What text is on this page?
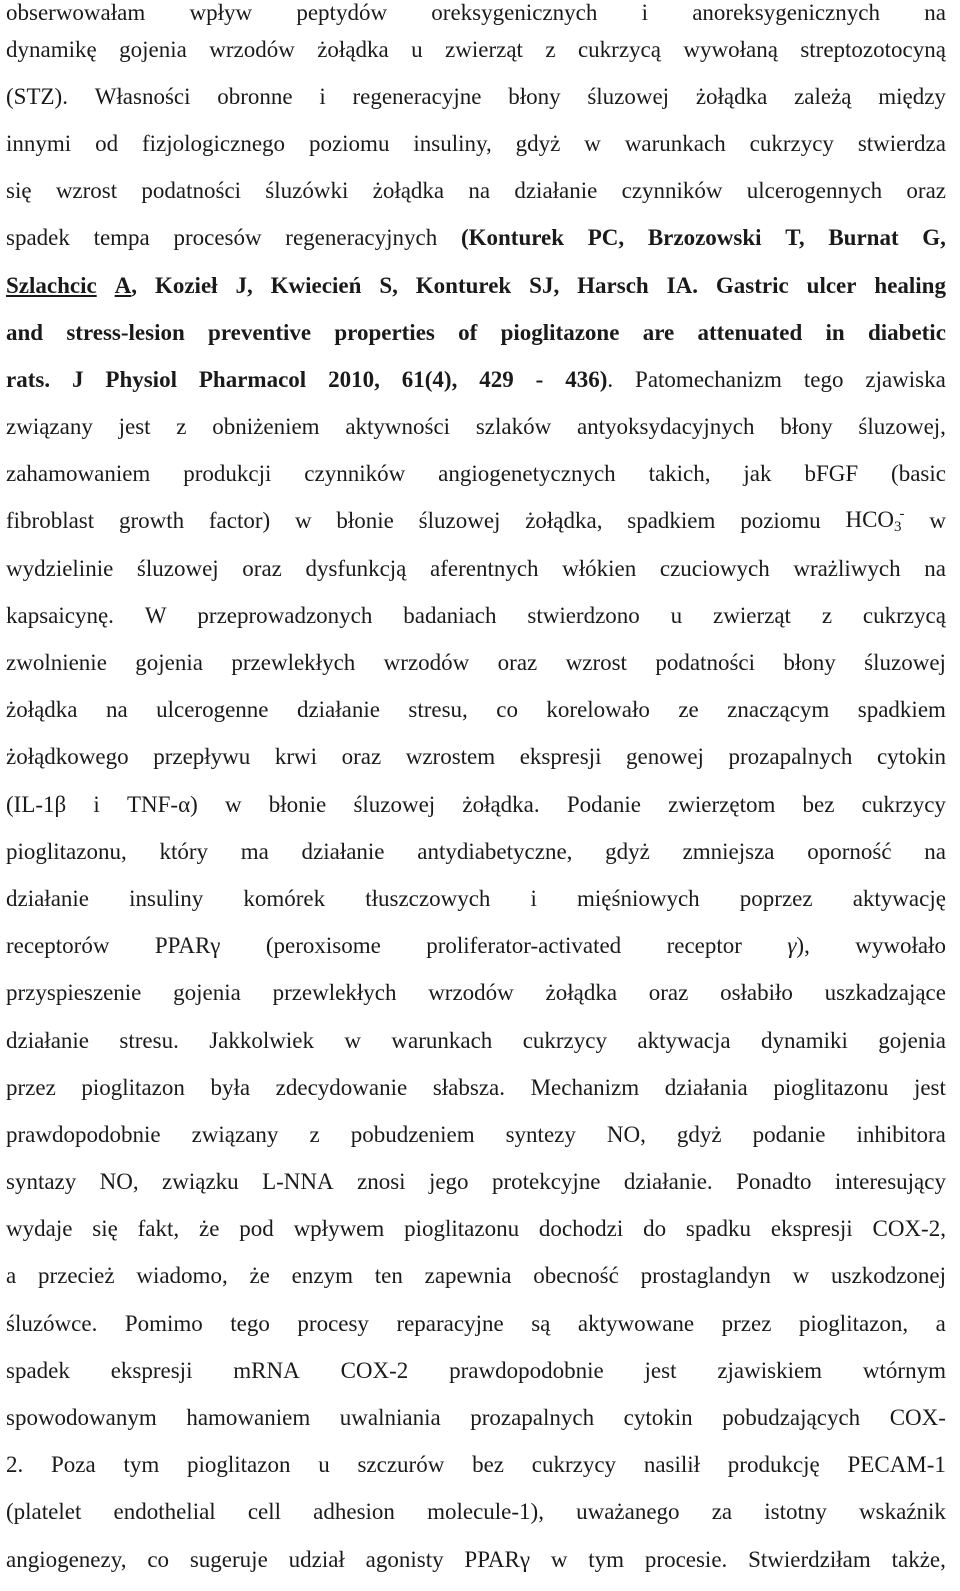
obserwowałam wpływ peptydów oreksygenicznych i anoreksygenicznych na
dynamikę gojenia wrzodów żołądka u zwierząt z cukrzycą wywołaną streptozotocyną
(STZ). Własności obronne i regeneracyjne błony śluzowej żołądka zależą między
innymi od fizjologicznego poziomu insuliny, gdyż w warunkach cukrzycy stwierdza
się wzrost podatności śluzówki żołądka na działanie czynników ulcerogennych oraz
spadek tempa procesów regeneracyjnych (Konturek PC, Brzozowski T, Burnat G,
Szlachcic A, Kozieł J, Kwiecień S, Konturek SJ, Harsch IA. Gastric ulcer healing
and stress-lesion preventive properties of pioglitazone are attenuated in diabetic
rats. J Physiol Pharmacol 2010, 61(4), 429 - 436). Patomechanizm tego zjawiska
związany jest z obniżeniem aktywności szlaków antyoksydacyjnych błony śluzowej,
zahamowaniem produkcji czynników angiogenetycznych takich, jak bFGF (basic
fibroblast growth factor) w błonie śluzowej żołądka, spadkiem poziomu $HCO_3^-$ w
wydzielinie śluzowej oraz dysfunkcją aferentnych włókien czuciowych wrażliwych na
kapsaicynę. W przeprowadzonych badaniach stwierdzono u zwierząt z cukrzycą
zwolnienie gojenia przewlekłych wrzodów oraz wzrost podatności błony śluzowej
żołądka na ulcerogenne działanie stresu, co korelowało ze znaczącym spadkiem
żołądkowego przepływu krwi oraz wzrostem ekspresji genowej prozapalnych cytokin
(IL-1β i TNF-α) w błonie śluzowej żołądka. Podanie zwierzętom bez cukrzycy
pioglitazonu, który ma działanie antydiabetyczne, gdyż zmniejsza oporność na
działanie insuliny komórek tłuszczowych i mięśniowych poprzez aktywację
receptorów PPARγ (peroxisome proliferator-activated receptor γ), wywołało
przyspieszenie gojenia przewlekłych wrzodów żołądka oraz osłabiło uszkadzające
działanie stresu. Jakkolwiek w warunkach cukrzycy aktywacja dynamiki gojenia
przez pioglitazon była zdecydowanie słabsza. Mechanizm działania pioglitazonu jest
prawdopodobnie związany z pobudzeniem syntezy NO, gdyż podanie inhibitora
syntazy NO, związku L-NNA znosi jego protekcyjne działanie. Ponadto interesujący
wydaje się fakt, że pod wpływem pioglitazonu dochodzi do spadku ekspresji COX-2,
a przecież wiadomo, że enzym ten zapewnia obecność prostaglandyn w uszkodzonej
śluzówce. Pomimo tego procesy reparacyjne są aktywowane przez pioglitazon, a
spadek ekspresji mRNA COX-2 prawdopodobnie jest zjawiskiem wtórnym
spowodowanym hamowaniem uwalniania prozapalnych cytokin pobudzających COX-
2. Poza tym pioglitazon u szczurów bez cukrzycy nasilił produkcję PECAM-1
(platelet endothelial cell adhesion molecule-1), uważanego za istotny wskaźnik
angiogenezy, co sugeruje udział agonisty PPARγ w tym procesie. Stwierdziłam także,
